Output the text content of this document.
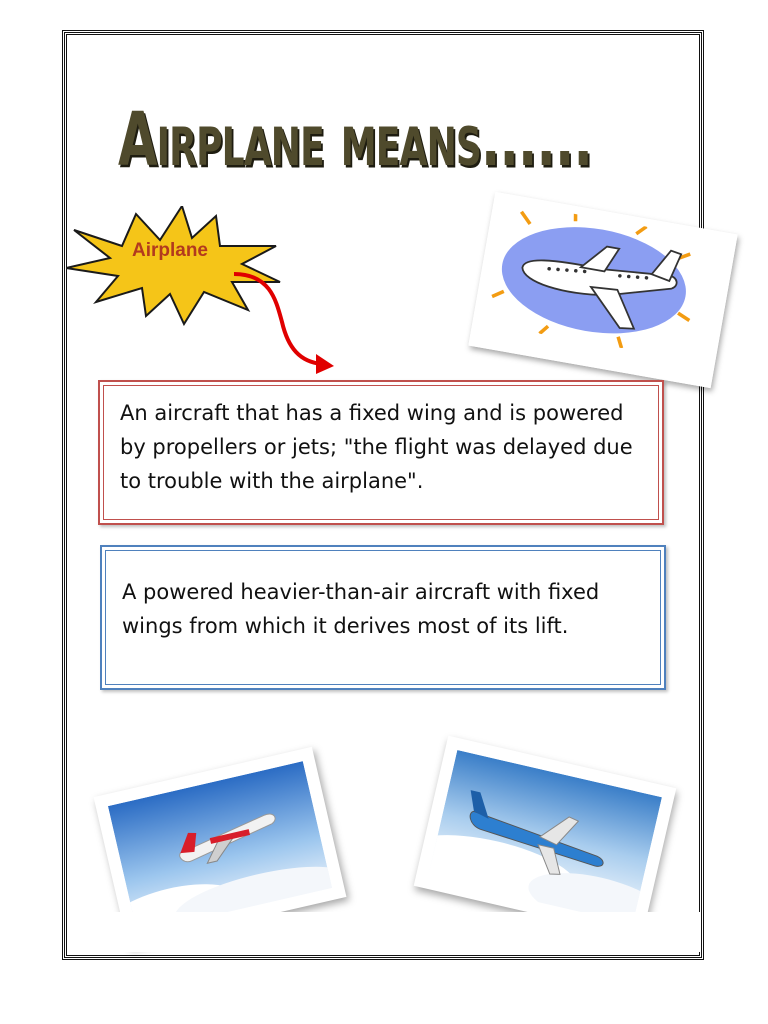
Airplane means......
Airplane
An aircraft that has a fixed wing and is powered by propellers or jets; "the flight was delayed due to trouble with the airplane".
A powered heavier-than-air aircraft with fixed wings from which it derives most of its lift.
